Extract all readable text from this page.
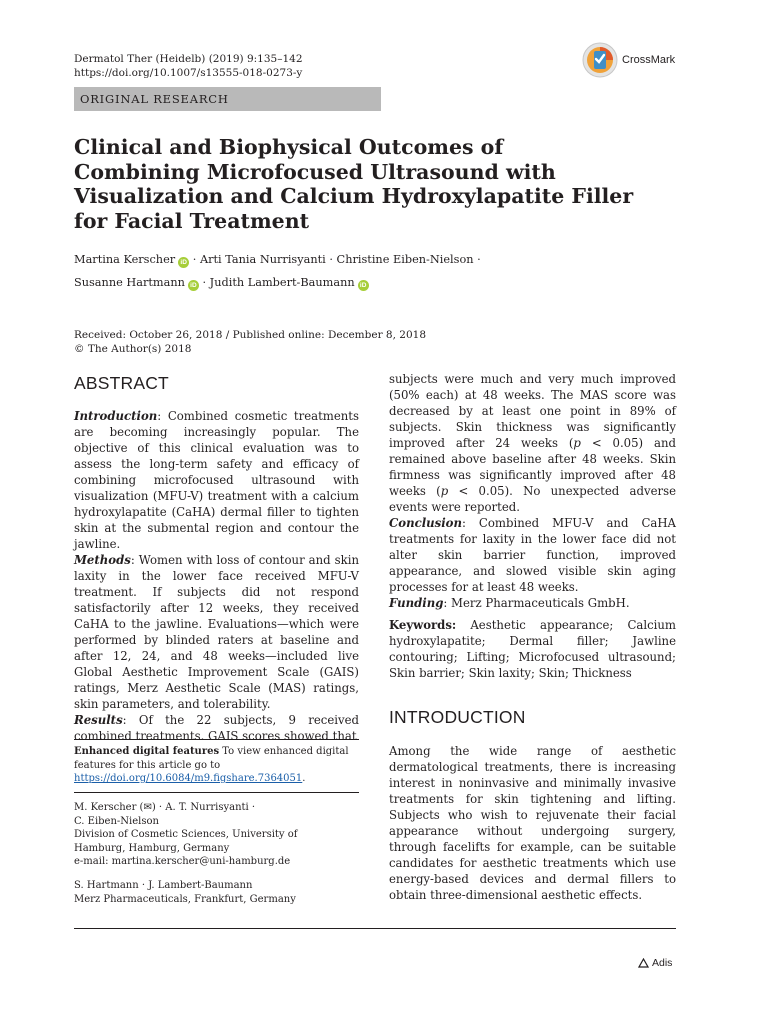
Dermatol Ther (Heidelb) (2019) 9:135–142
https://doi.org/10.1007/s13555-018-0273-y
CrossMark
ORIGINAL RESEARCH
Clinical and Biophysical Outcomes of Combining Microfocused Ultrasound with Visualization and Calcium Hydroxylapatite Filler for Facial Treatment
Martina Kerscher iD · Arti Tania Nurrisyanti · Christine Eiben-Nielson ·
Susanne Hartmann iD · Judith Lambert-Baumann iD
Received: October 26, 2018 / Published online: December 8, 2018
© The Author(s) 2018
ABSTRACT

Introduction: Combined cosmetic treatments are becoming increasingly popular. The objective of this clinical evaluation was to assess the long-term safety and efficacy of combining microfocused ultrasound with visualization (MFU-V) treatment with a calcium hydroxylapatite (CaHA) dermal filler to tighten skin at the submental region and contour the jawline.

Methods: Women with loss of contour and skin laxity in the lower face received MFU-V treatment. If subjects did not respond satisfactorily after 12 weeks, they received CaHA to the jawline. Evaluations—which were performed by blinded raters at baseline and after 12, 24, and 48 weeks—included live Global Aesthetic Improvement Scale (GAIS) ratings, Merz Aesthetic Scale (MAS) ratings, skin parameters, and tolerability.

Results: Of the 22 subjects, 9 received combined treatments. GAIS scores showed that

Enhanced digital features To view enhanced digital features for this article go to https://doi.org/10.6084/m9.figshare.7364051.
M. Kerscher (✉) · A. T. Nurrisyanti ·
C. Eiben-Nielson
Division of Cosmetic Sciences, University of
Hamburg, Hamburg, Germany
e-mail: martina.kerscher@uni-hamburg.de
S. Hartmann · J. Lambert-Baumann
Merz Pharmaceuticals, Frankfurt, Germany

subjects were much and very much improved (50% each) at 48 weeks. The MAS score was decreased by at least one point in 89% of subjects. Skin thickness was significantly improved after 24 weeks (p < 0.05) and remained above baseline after 48 weeks. Skin firmness was significantly improved after 48 weeks (p < 0.05). No unexpected adverse events were reported.

Conclusion: Combined MFU-V and CaHA treatments for laxity in the lower face did not alter skin barrier function, improved appearance, and slowed visible skin aging processes for at least 48 weeks.

Funding: Merz Pharmaceuticals GmbH.

Keywords: Aesthetic appearance; Calcium hydroxylapatite; Dermal filler; Jawline contouring; Lifting; Microfocused ultrasound; Skin barrier; Skin laxity; Skin; Thickness

INTRODUCTION

Among the wide range of aesthetic dermatological treatments, there is increasing interest in noninvasive and minimally invasive treatments for skin tightening and lifting. Subjects who wish to rejuvenate their facial appearance without undergoing surgery, through facelifts for example, can be suitable candidates for aesthetic treatments which use energy-based devices and dermal fillers to obtain three-dimensional aesthetic effects.

Adis
